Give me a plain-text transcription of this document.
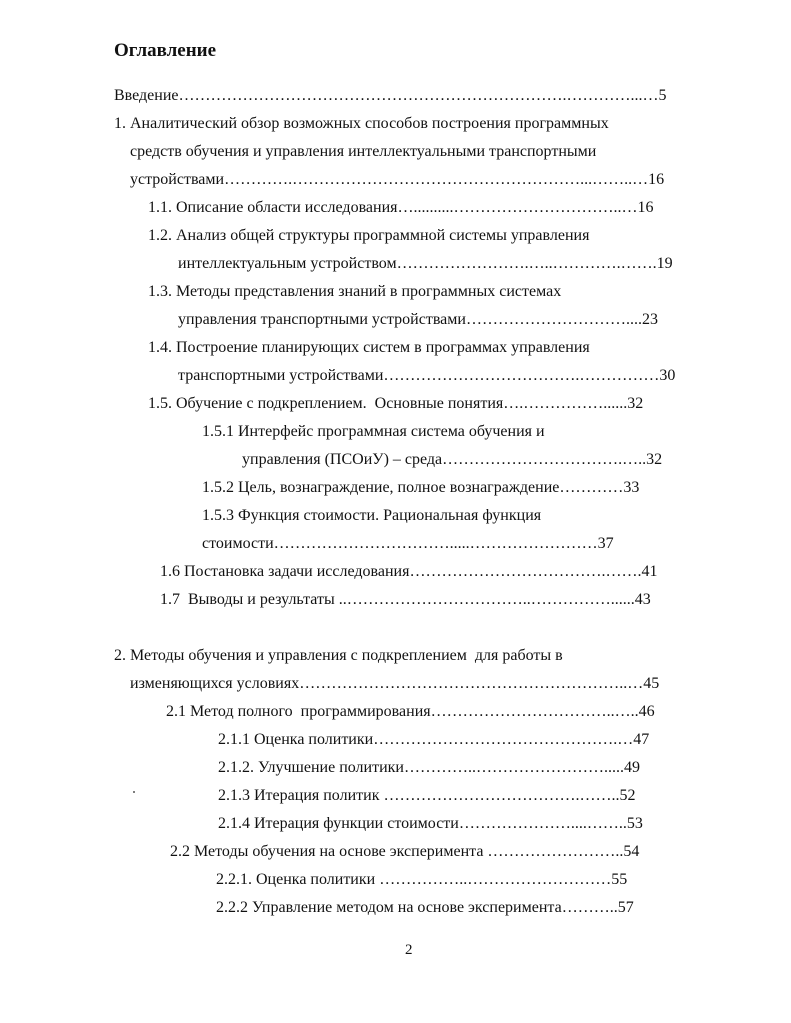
Оглавление
Введение……………………………………………………………….…………...…5
1. Аналитический обзор возможных способов построения программных
средств обучения и управления интеллектуальными транспортными
устройствами………….………………………………………………...……..…16
1.1. Описание области исследования…..........…………………………..…16
1.2. Анализ общей структуры программной системы управления
интеллектуальным устройством…………………….…..………….…….19
1.3. Методы представления знаний в программных системах
управления транспортными устройствами…………………………....23
1.4. Построение планирующих систем в программах управления
транспортными устройствами……………………………….……………30
1.5. Обучение с подкреплением.  Основные понятия….……………......32
1.5.1 Интерфейс программная система обучения и
управления (ПСОиУ) – среда…………………………….…..32
1.5.2 Цель, вознаграждение, полное вознаграждение…………33
1.5.3 Функция стоимости. Рациональная функция
стоимости…………………………….....……………………37
1.6 Постановка задачи исследования……………………………….…….41
1.7  Выводы и результаты ..……………………………..……………......43
2. Методы обучения и управления с подкреплением  для работы в
изменяющихся условиях……………………………………………………..…45
2.1 Метод полного  программирования……………………………..…..46
2.1.1 Оценка политики……………………………………….…47
2.1.2. Улучшение политики…………..…………………….....49
2.1.3 Итерация политик ……………………………….……..52
2.1.4 Итерация функции стоимости…………………....……..53
2.2 Методы обучения на основе эксперимента ……………………..54
2.2.1. Оценка политики ……………..………………………55
2.2.2 Управление методом на основе эксперимента………..57
2
